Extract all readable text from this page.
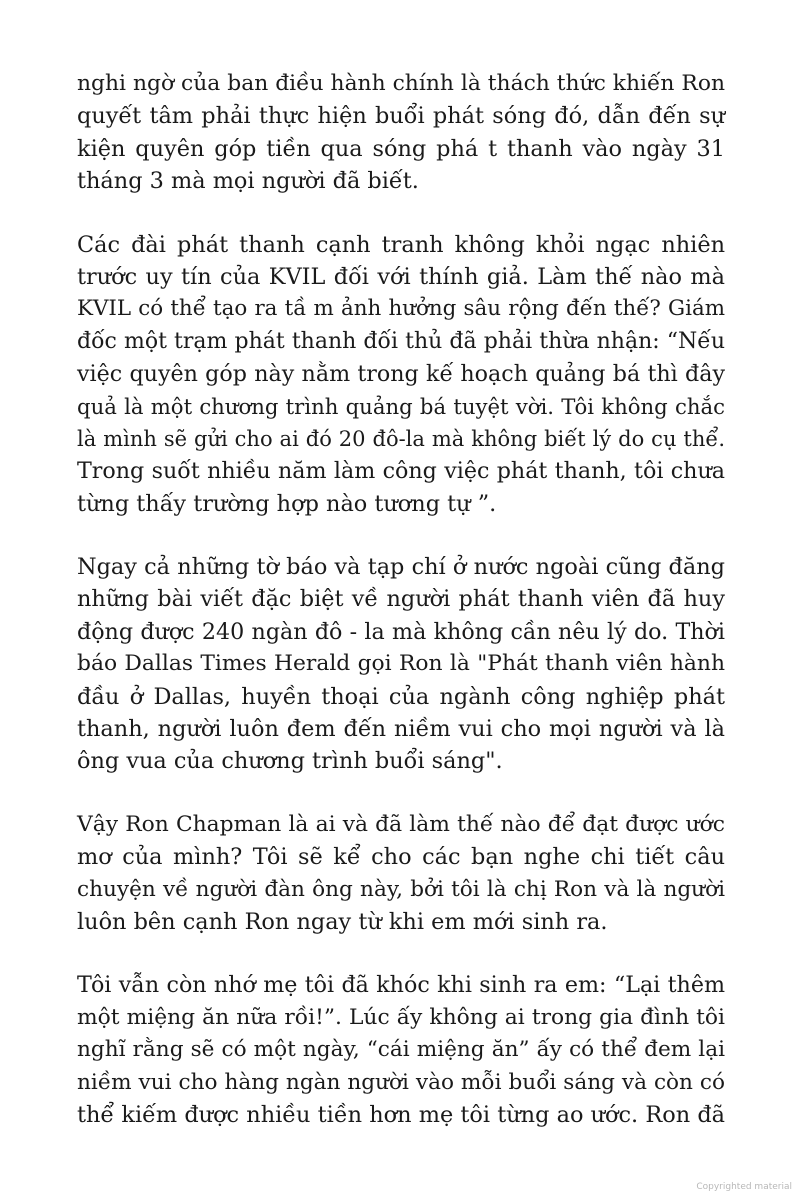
nghi ngờ của ban điều hành chính là thách thức khiến Ron
quyết tâm phải thực hiện buổi phát sóng đó, dẫn đến sự
kiện quyên góp tiền qua sóng phá t thanh vào ngày 31
tháng 3 mà mọi người đã biết.
Các đài phát thanh cạnh tranh không khỏi ngạc nhiên
trước uy tín của KVIL đối với thính giả. Làm thế nào mà
KVIL có thể tạo ra tầ m ảnh hưởng sâu rộng đến thế? Giám
đốc một trạm phát thanh đối thủ đã phải thừa nhận: “Nếu
việc quyên góp này nằm trong kế hoạch quảng bá thì đây
quả là một chương trình quảng bá tuyệt vời. Tôi không chắc
là mình sẽ gửi cho ai đó 20 đô-la mà không biết lý do cụ thể.
Trong suốt nhiều năm làm công việc phát thanh, tôi chưa
từng thấy trường hợp nào tương tự ”.
Ngay cả những tờ báo và tạp chí ở nước ngoài cũng đăng
những bài viết đặc biệt về người phát thanh viên đã huy
động được 240 ngàn đô - la mà không cần nêu lý do. Thời
báo Dallas Times Herald gọi Ron là "Phát thanh viên hành
đầu ở Dallas, huyền thoại của ngành công nghiệp phát
thanh, người luôn đem đến niềm vui cho mọi người và là
ông vua của chương trình buổi sáng".
Vậy Ron Chapman là ai và đã làm thế nào để đạt được ước
mơ của mình? Tôi sẽ kể cho các bạn nghe chi tiết câu
chuyện về người đàn ông này, bởi tôi là chị Ron và là người
luôn bên cạnh Ron ngay từ khi em mới sinh ra.
Tôi vẫn còn nhớ mẹ tôi đã khóc khi sinh ra em: “Lại thêm
một miệng ăn nữa rồi!”. Lúc ấy không ai trong gia đình tôi
nghĩ rằng sẽ có một ngày, “cái miệng ăn” ấy có thể đem lại
niềm vui cho hàng ngàn người vào mỗi buổi sáng và còn có
thể kiếm được nhiều tiền hơn mẹ tôi từng ao ước. Ron đã
Copyrighted material
